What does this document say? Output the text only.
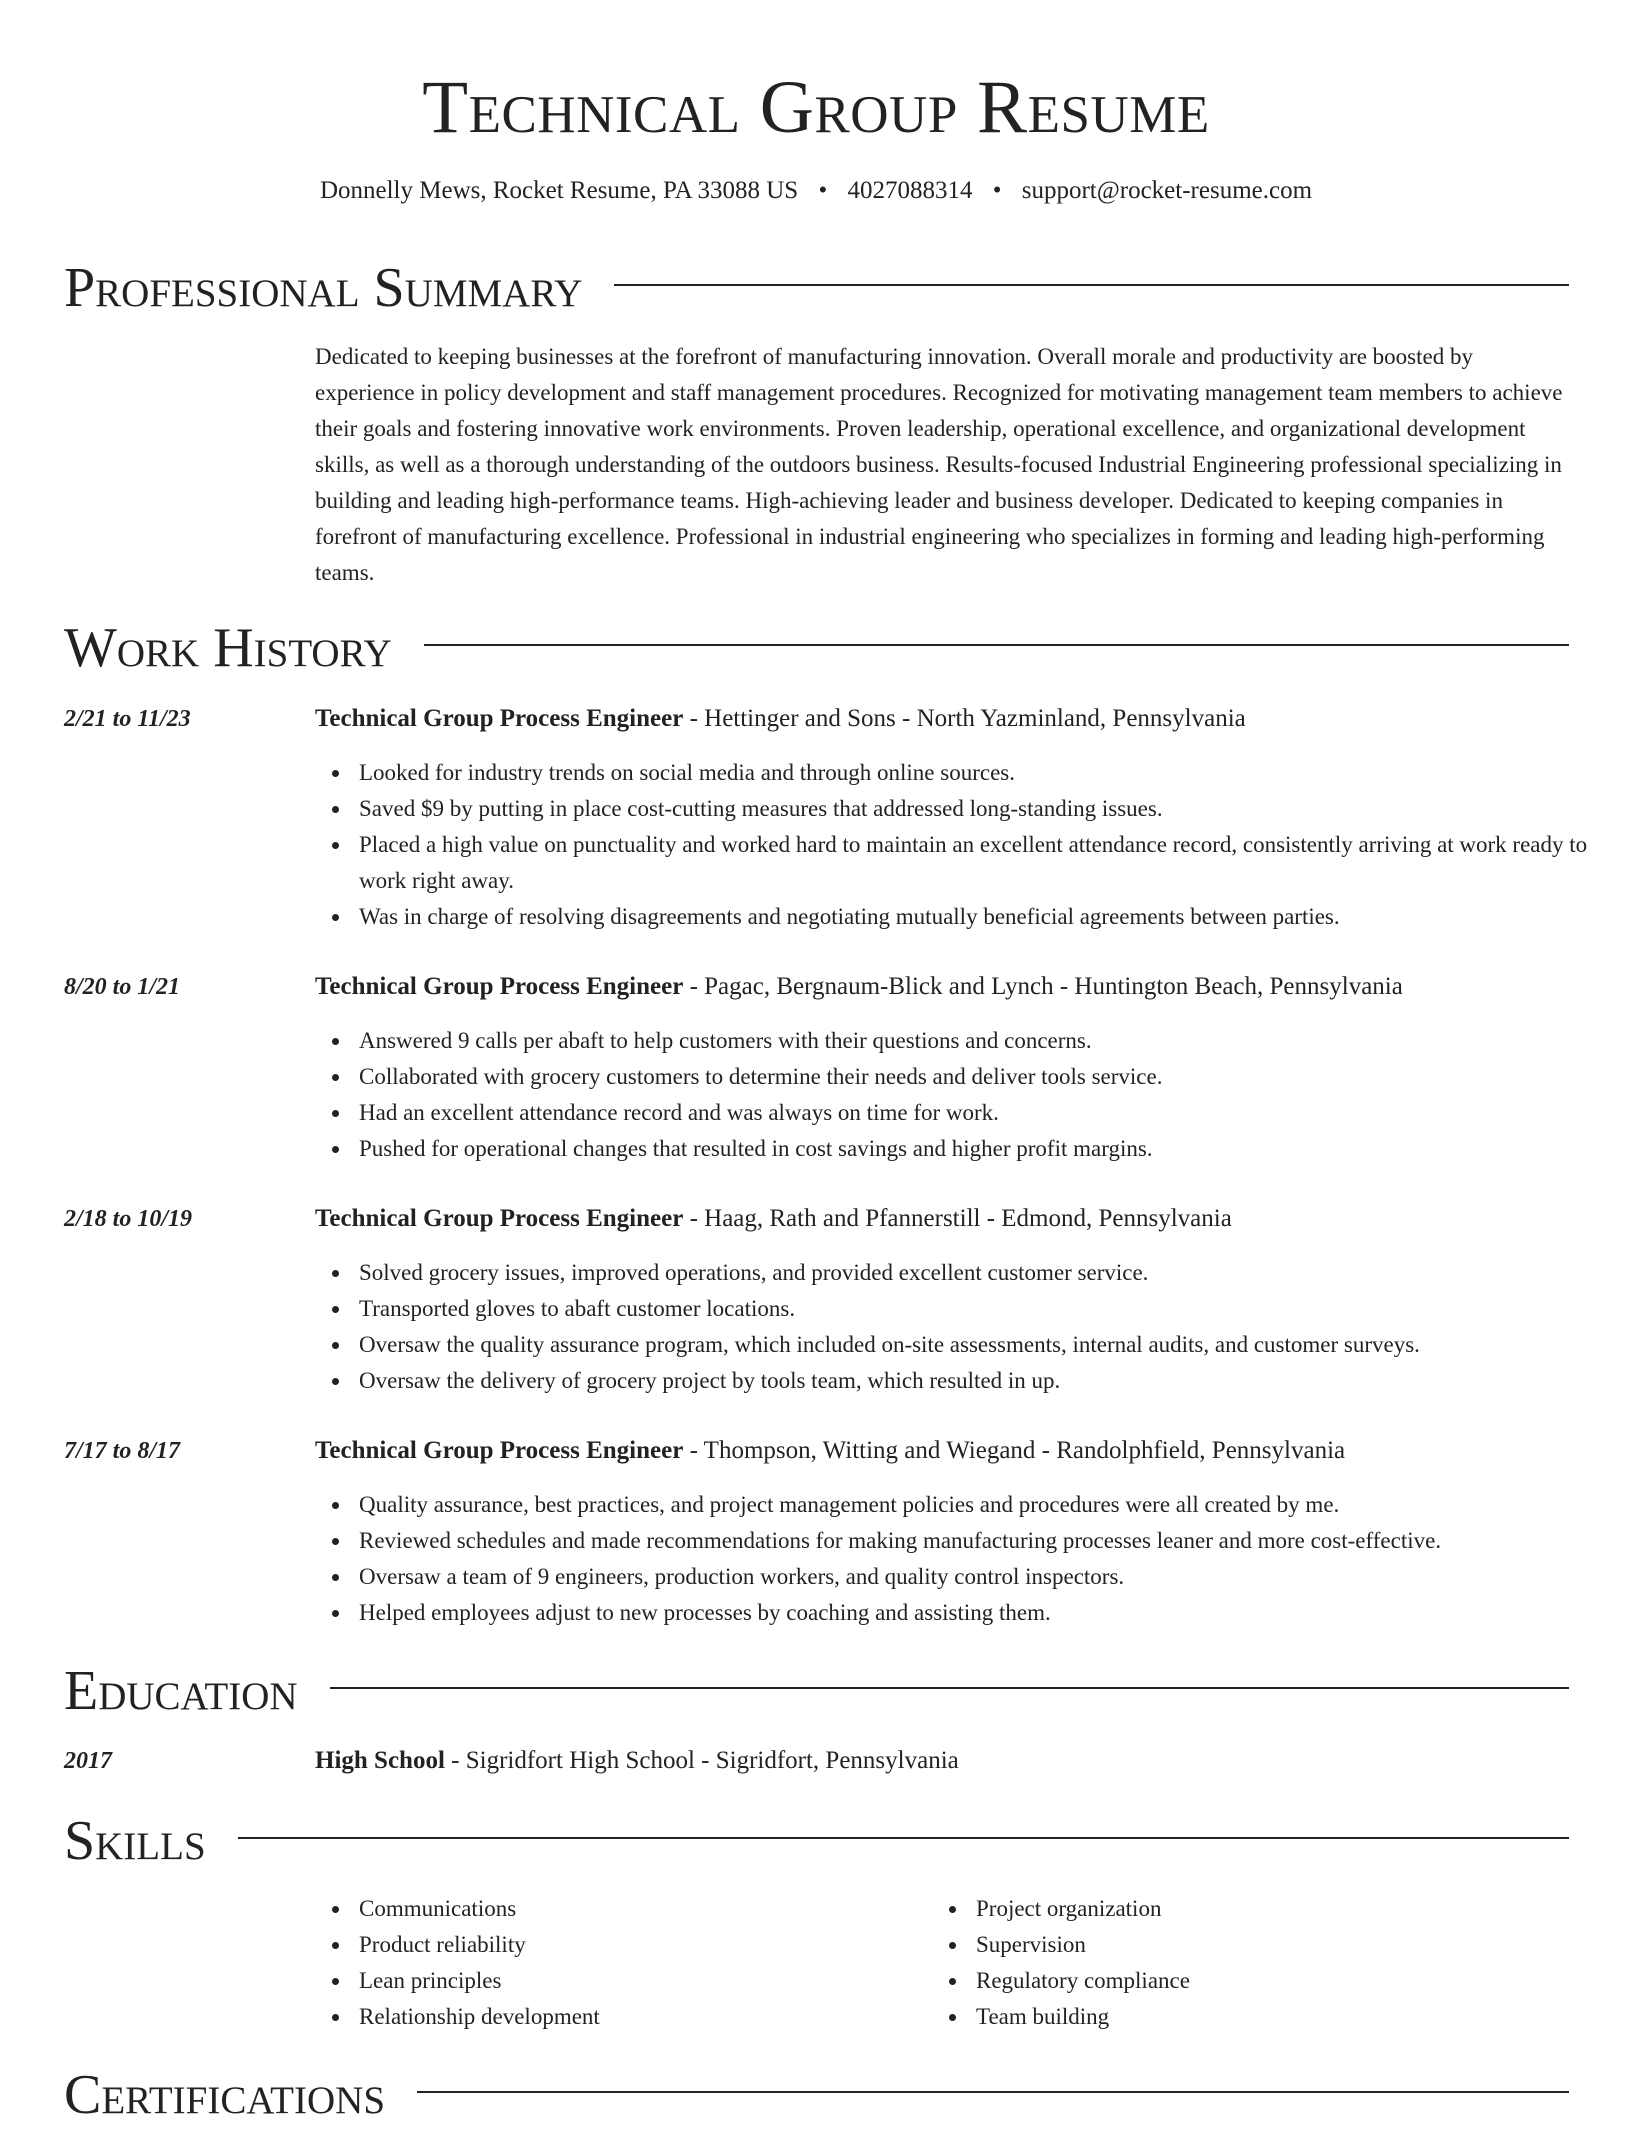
Technical Group Resume
Donnelly Mews, Rocket Resume, PA 33088 US • 4027088314 • support@rocket-resume.com
Professional Summary
Dedicated to keeping businesses at the forefront of manufacturing innovation. Overall morale and productivity are boosted by experience in policy development and staff management procedures. Recognized for motivating management team members to achieve their goals and fostering innovative work environments. Proven leadership, operational excellence, and organizational development skills, as well as a thorough understanding of the outdoors business. Results-focused Industrial Engineering professional specializing in building and leading high-performance teams. High-achieving leader and business developer. Dedicated to keeping companies in forefront of manufacturing excellence. Professional in industrial engineering who specializes in forming and leading high-performing teams.
Work History
2/21 to 11/23	Technical Group Process Engineer - Hettinger and Sons - North Yazminland, Pennsylvania
Looked for industry trends on social media and through online sources.
Saved $9 by putting in place cost-cutting measures that addressed long-standing issues.
Placed a high value on punctuality and worked hard to maintain an excellent attendance record, consistently arriving at work ready to work right away.
Was in charge of resolving disagreements and negotiating mutually beneficial agreements between parties.
8/20 to 1/21	Technical Group Process Engineer - Pagac, Bergnaum-Blick and Lynch - Huntington Beach, Pennsylvania
Answered 9 calls per abaft to help customers with their questions and concerns.
Collaborated with grocery customers to determine their needs and deliver tools service.
Had an excellent attendance record and was always on time for work.
Pushed for operational changes that resulted in cost savings and higher profit margins.
2/18 to 10/19	Technical Group Process Engineer - Haag, Rath and Pfannerstill - Edmond, Pennsylvania
Solved grocery issues, improved operations, and provided excellent customer service.
Transported gloves to abaft customer locations.
Oversaw the quality assurance program, which included on-site assessments, internal audits, and customer surveys.
Oversaw the delivery of grocery project by tools team, which resulted in up.
7/17 to 8/17	Technical Group Process Engineer - Thompson, Witting and Wiegand - Randolphfield, Pennsylvania
Quality assurance, best practices, and project management policies and procedures were all created by me.
Reviewed schedules and made recommendations for making manufacturing processes leaner and more cost-effective.
Oversaw a team of 9 engineers, production workers, and quality control inspectors.
Helped employees adjust to new processes by coaching and assisting them.
Education
2017	High School - Sigridfort High School - Sigridfort, Pennsylvania
Skills
Communications
Product reliability
Lean principles
Relationship development
Project organization
Supervision
Regulatory compliance
Team building
Certifications
